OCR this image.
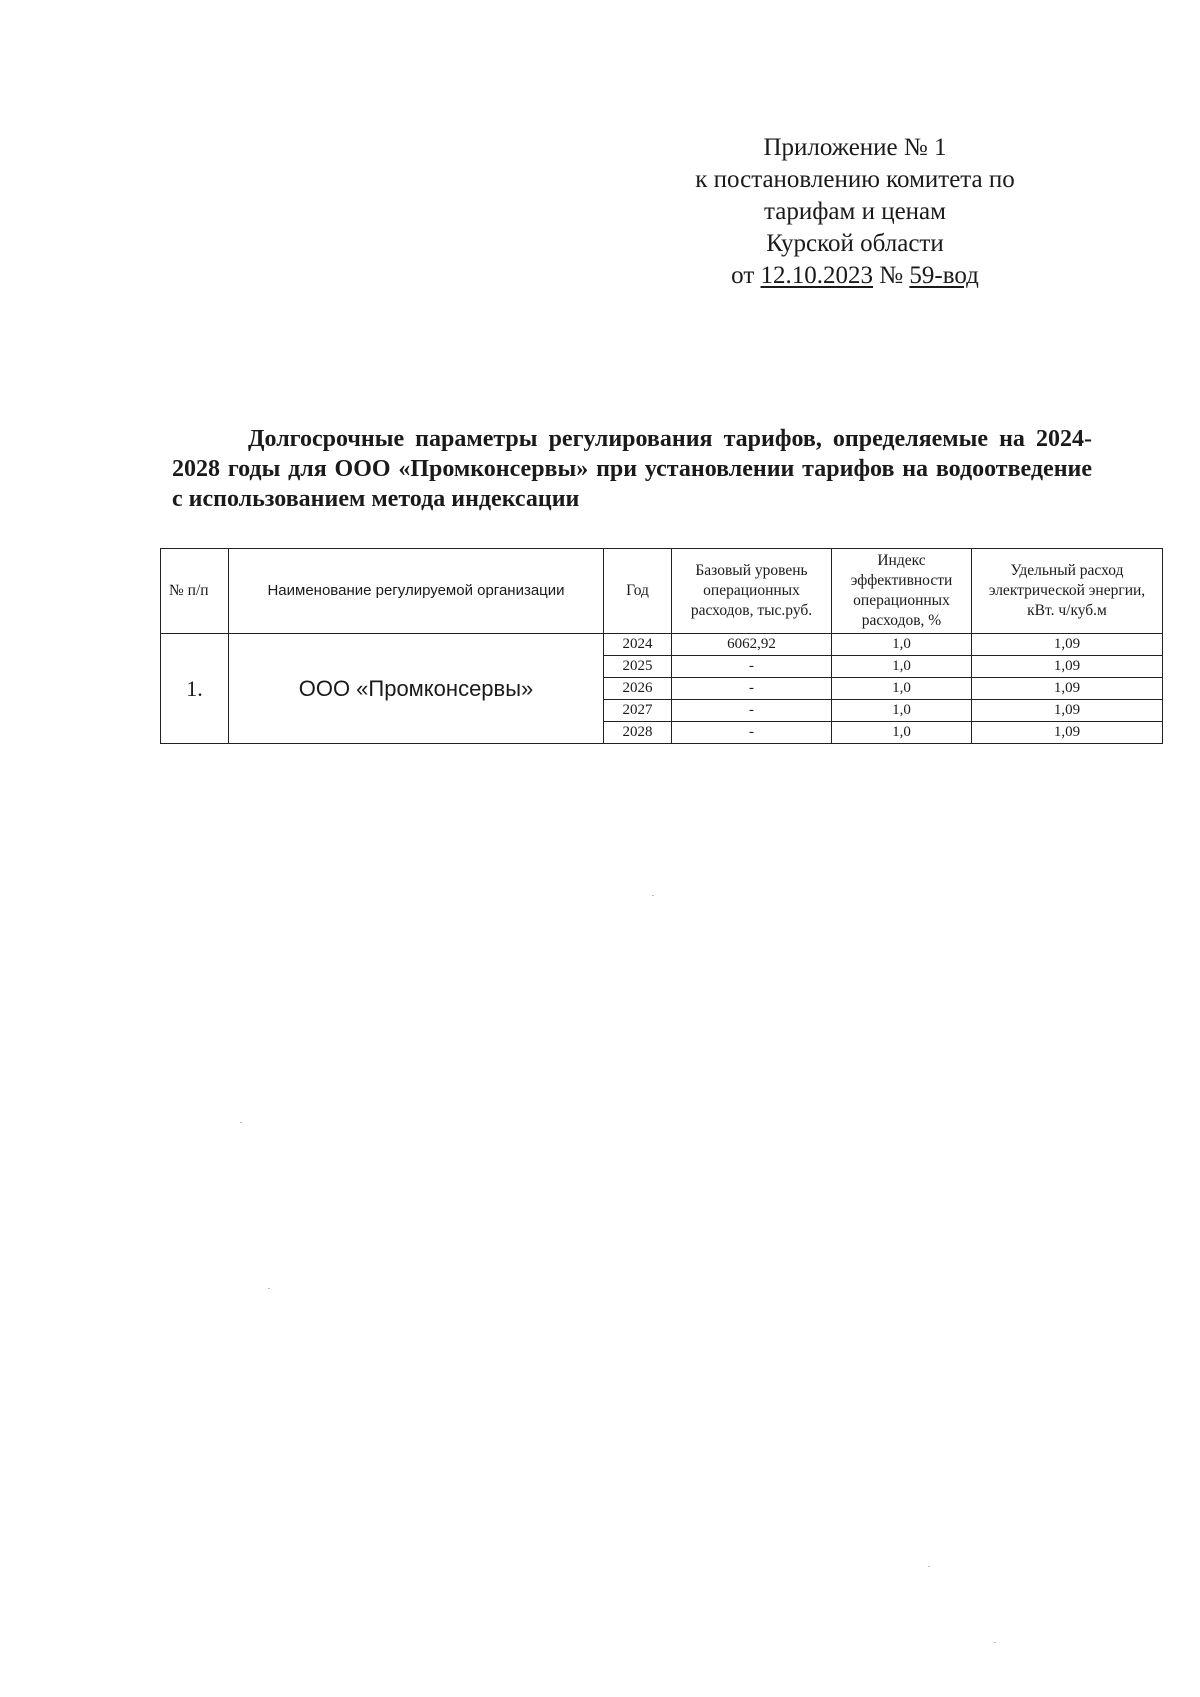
Приложение № 1
к постановлению комитета по
тарифам и ценам
Курской области
от 12.10.2023 № 59-вод
Долгосрочные параметры регулирования тарифов, определяемые на 2024-2028 годы для ООО «Промконсервы» при установлении тарифов на водоотведение с использованием метода индексации
№ п/п	Наименование регулируемой организации	Год	Базовый уровень операционных расходов, тыс.руб.	Индекс эффективности операционных расходов, %	Удельный расход электрической энергии, кВт. ч/куб.м
1.	ООО «Промконсервы»	2024	6062,92	1,0	1,09
		2025	-	1,0	1,09
		2026	-	1,0	1,09
		2027	-	1,0	1,09
		2028	-	1,0	1,09
